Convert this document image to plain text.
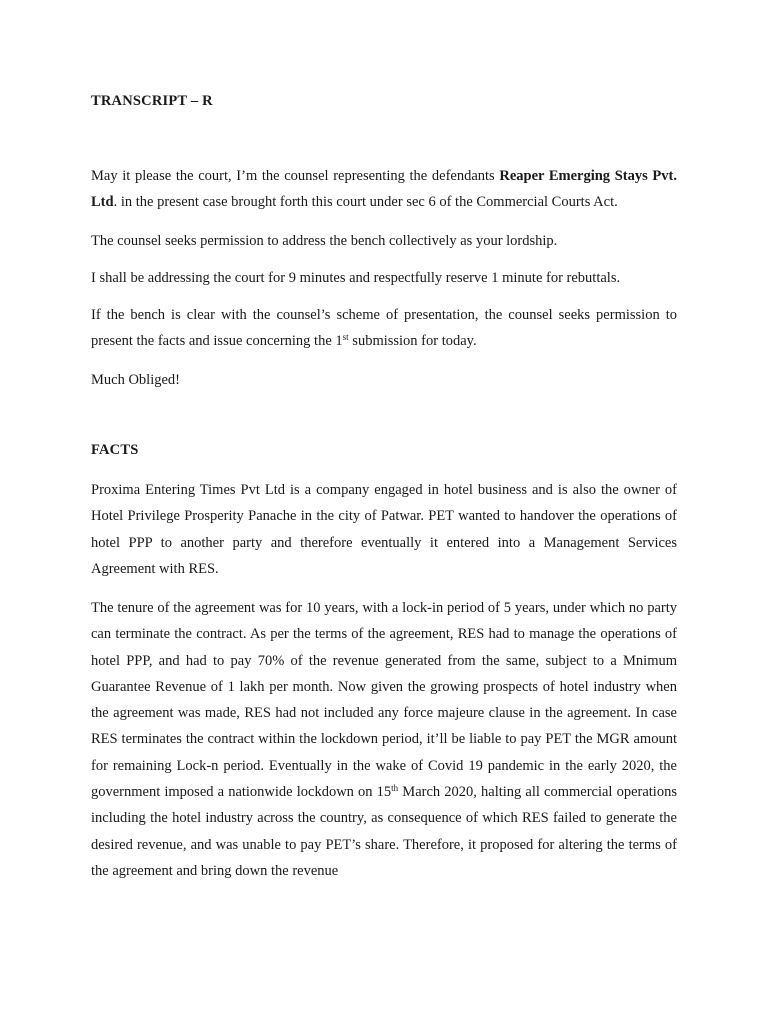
TRANSCRIPT – R

May it please the court, I’m the counsel representing the defendants Reaper Emerging Stays Pvt. Ltd. in the present case brought forth this court under sec 6 of the Commercial Courts Act.

The counsel seeks permission to address the bench collectively as your lordship.

I shall be addressing the court for 9 minutes and respectfully reserve 1 minute for rebuttals.

If the bench is clear with the counsel’s scheme of presentation, the counsel seeks permission to present the facts and issue concerning the 1st submission for today.

Much Obliged!

FACTS

Proxima Entering Times Pvt Ltd is a company engaged in hotel business and is also the owner of Hotel Privilege Prosperity Panache in the city of Patwar. PET wanted to handover the operations of hotel PPP to another party and therefore eventually it entered into a Management Services Agreement with RES.

The tenure of the agreement was for 10 years, with a lock-in period of 5 years, under which no party can terminate the contract. As per the terms of the agreement, RES had to manage the operations of hotel PPP, and had to pay 70% of the revenue generated from the same, subject to a Mnimum Guarantee Revenue of 1 lakh per month. Now given the growing prospects of hotel industry when the agreement was made, RES had not included any force majeure clause in the agreement. In case RES terminates the contract within the lockdown period, it’ll be liable to pay PET the MGR amount for remaining Lock-n period. Eventually in the wake of Covid 19 pandemic in the early 2020, the government imposed a nationwide lockdown on 15th March 2020, halting all commercial operations including the hotel industry across the country, as consequence of which RES failed to generate the desired revenue, and was unable to pay PET’s share. Therefore, it proposed for altering the terms of the agreement and bring down the revenue
